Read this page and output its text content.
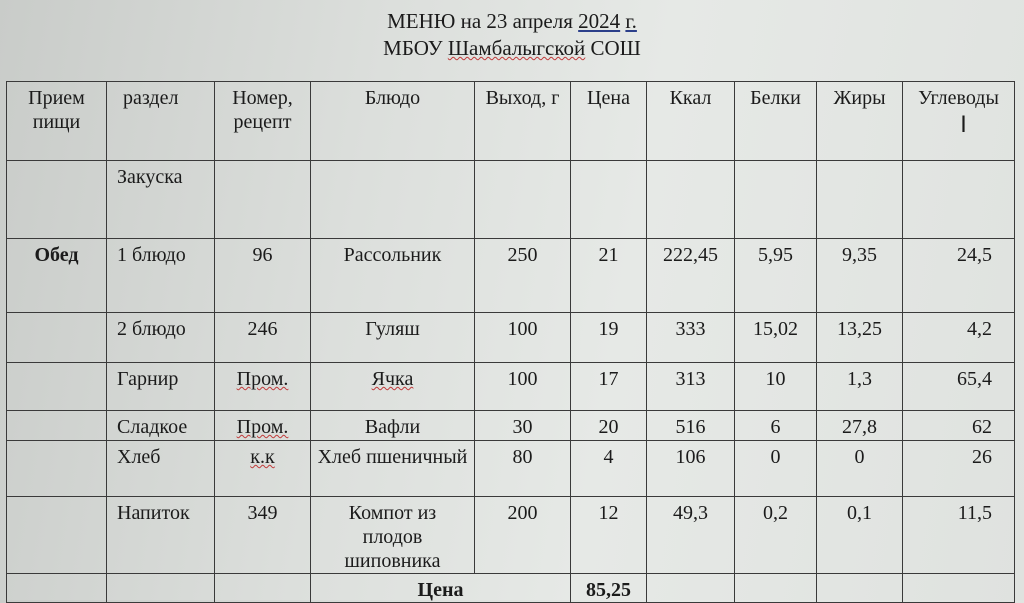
МЕНЮ на 23 апреля 2024 г.
МБОУ Шамбалыгской СОШ
Прием пищи	раздел	Номер, рецепт	Блюдо	Выход, г	Цена	Ккал	Белки	Жиры	Углеводы
I
	Закуска								
Обед	1 блюдо	96	Рассольник	250	21	222,45	5,95	9,35	24,5
	2 блюдо	246	Гуляш	100	19	333	15,02	13,25	4,2
	Гарнир	Пром.	Ячка	100	17	313	10	1,3	65,4
	Сладкое	Пром.	Вафли	30	20	516	6	27,8	62
	Хлеб	к.к	Хлеб пшеничный	80	4	106	0	0	26
	Напиток	349	Компот из плодов шиповника	200	12	49,3	0,2	0,1	11,5
			Цена		85,25				
